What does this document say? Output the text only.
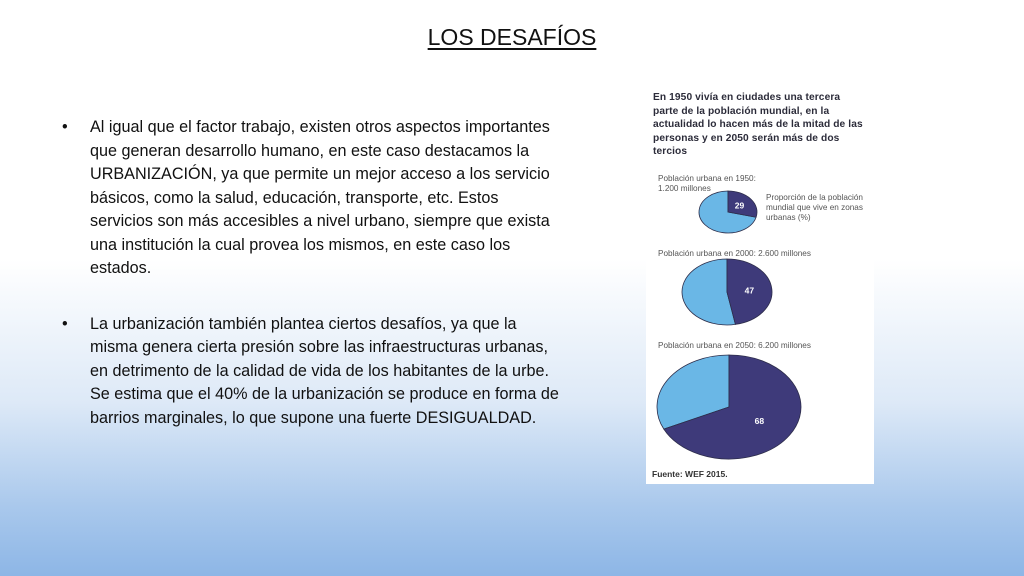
LOS DESAFÍOS
• Al igual que el factor trabajo, existen otros aspectos importantes que generan desarrollo humano, en este caso destacamos la URBANIZACIÓN, ya que permite un mejor acceso a los servicio básicos, como la salud, educación, transporte, etc. Estos servicios son más accesibles a nivel urbano, siempre que exista una institución la cual provea los mismos, en este caso los estados.
• La urbanización también plantea ciertos desafíos, ya que la misma genera cierta presión sobre las infraestructuras urbanas, en detrimento de la calidad de vida de los habitantes de la urbe. Se estima que el 40% de la urbanización se produce en forma de barrios marginales, lo que supone una fuerte DESIGUALDAD.
En 1950 vivía en ciudades una tercera parte de la población mundial, en la actualidad lo hacen más de la mitad de las personas y en 2050 serán más de dos tercios
Población urbana en 1950:
1.200 millones
Proporción de la población mundial que vive en zonas urbanas (%)
Población urbana en 2000: 2.600 millones
Población urbana en 2050: 6.200 millones
29
47
68
Fuente: WEF 2015.
